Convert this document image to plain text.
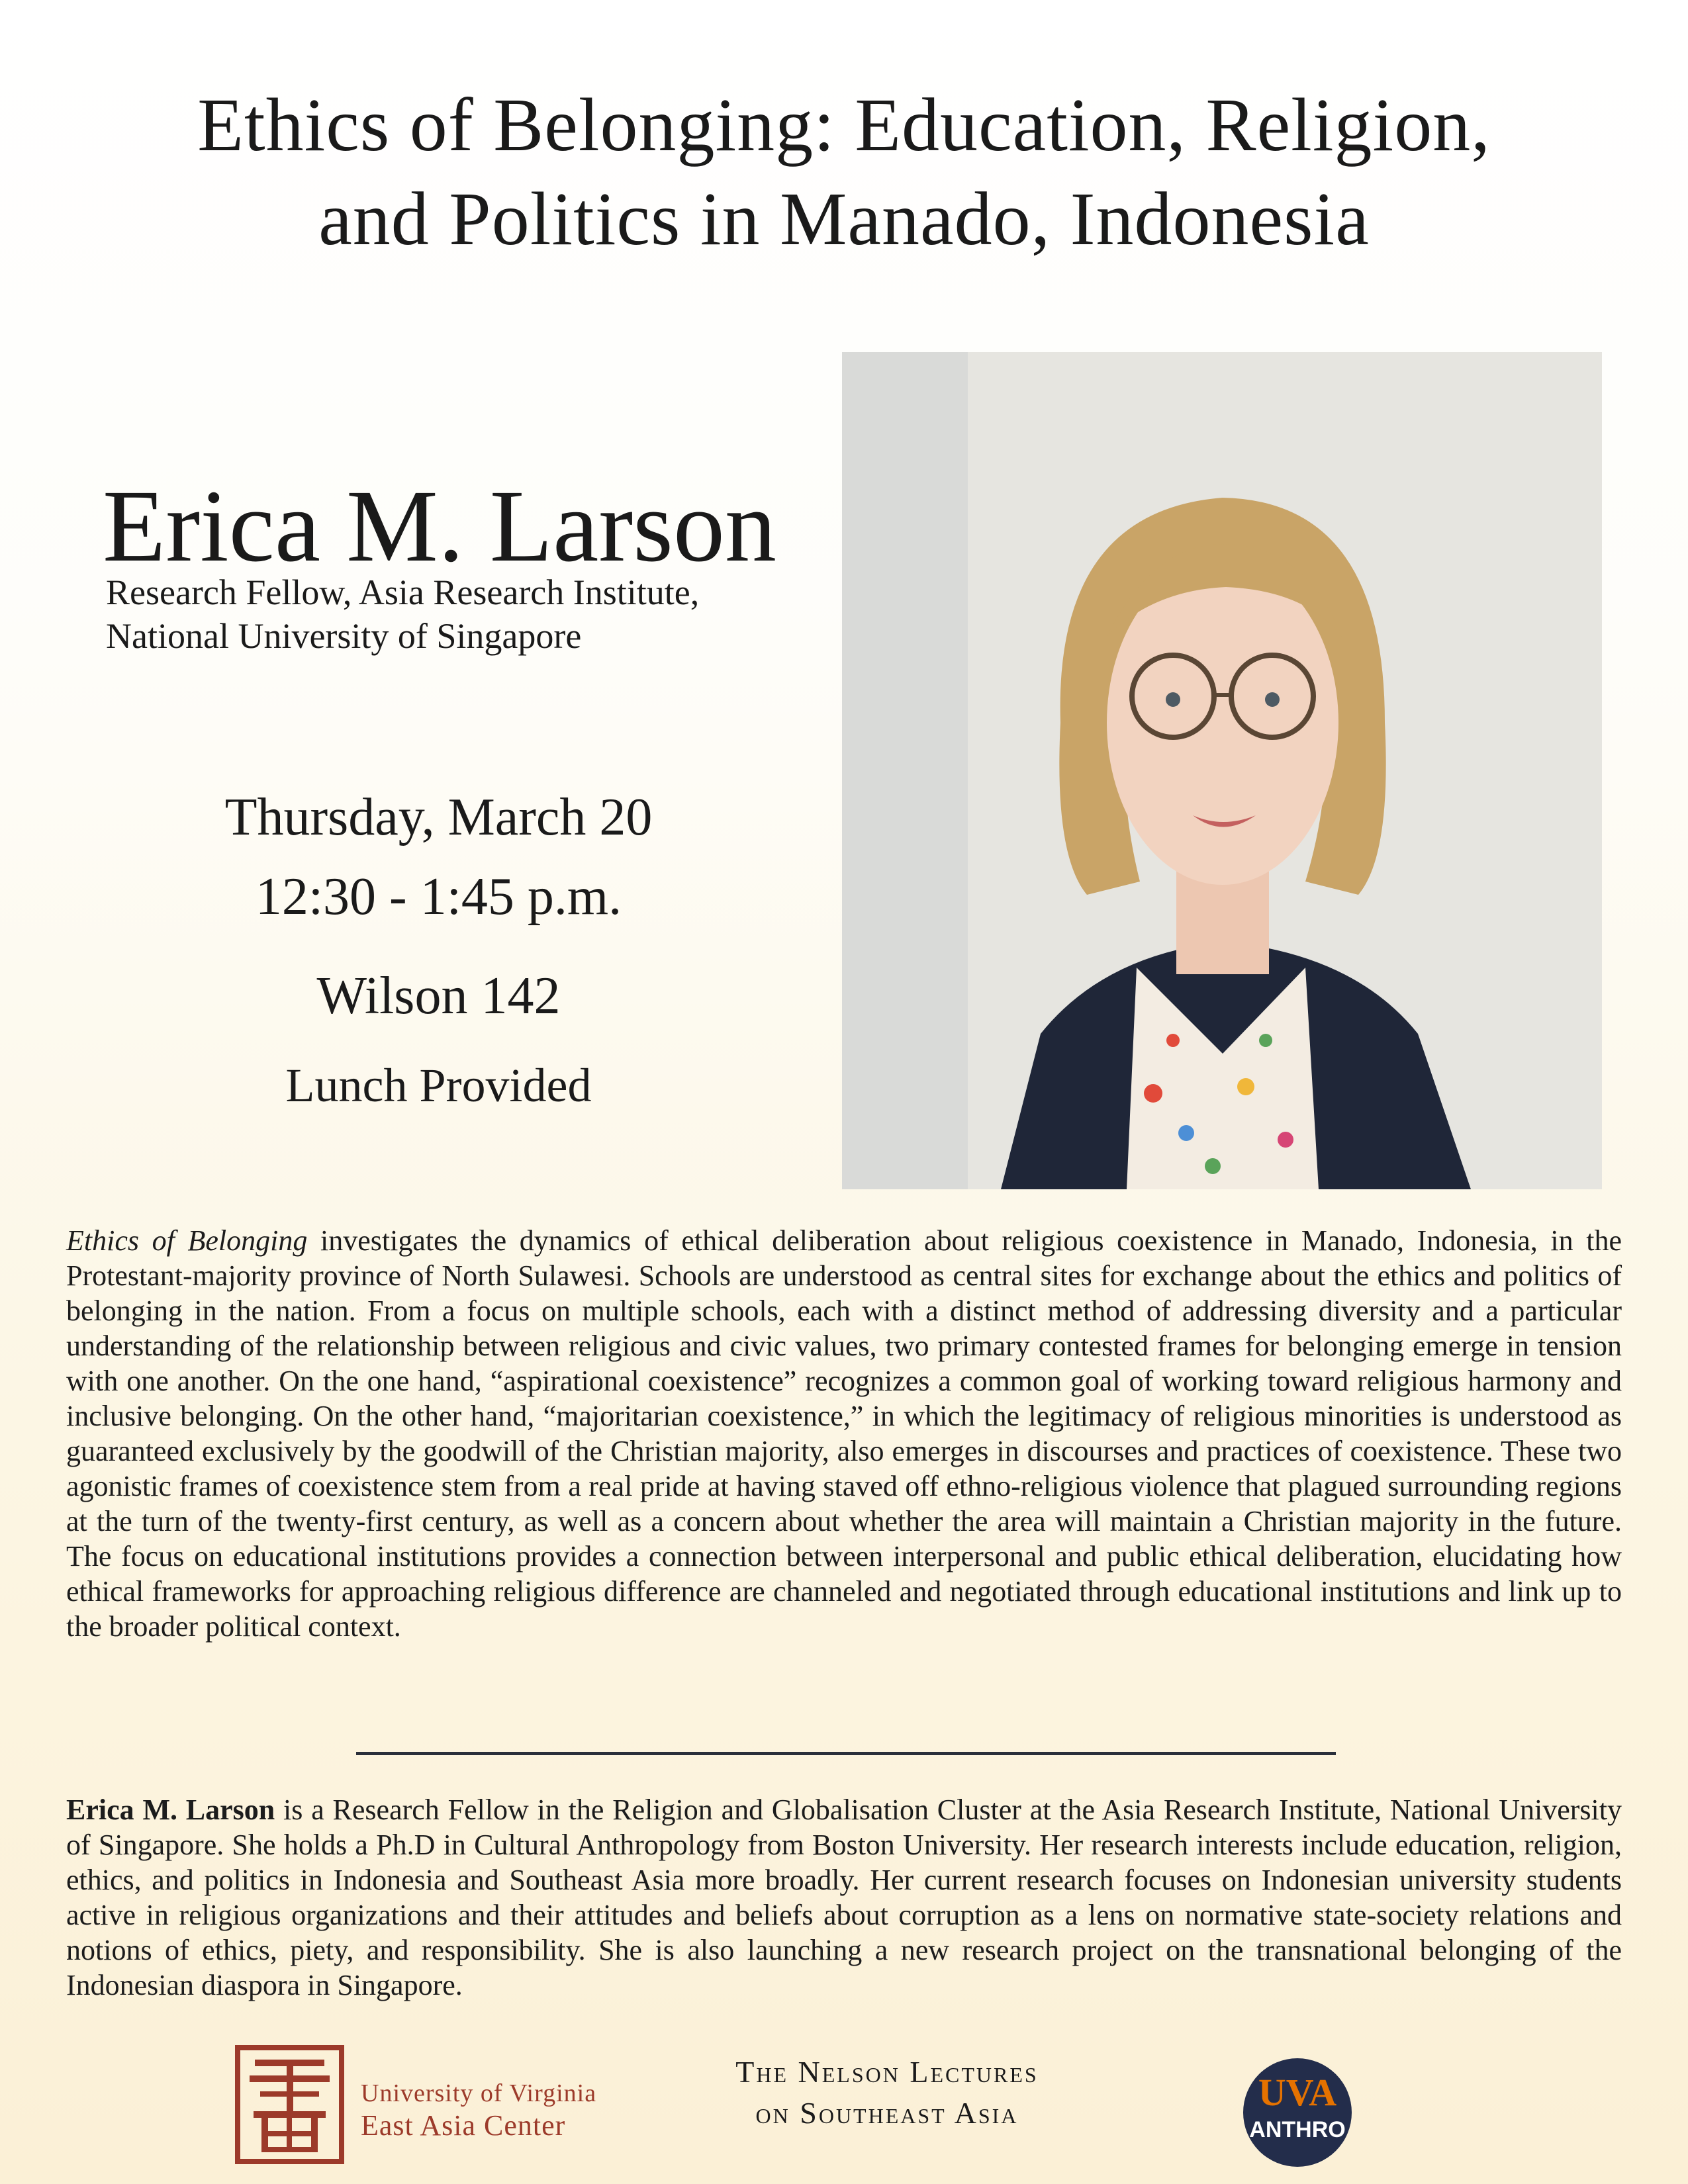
Ethics of Belonging: Education, Religion,
and Politics in Manado, Indonesia
Erica M. Larson
Research Fellow, Asia Research Institute,
National University of Singapore
Thursday, March 20
12:30 - 1:45 p.m.
Wilson 142
Lunch Provided

Ethics of Belonging investigates the dynamics of ethical deliberation about religious coexistence in Manado, Indonesia, in the Protestant-majority province of North Sulawesi. Schools are understood as central sites for exchange about the ethics and politics of belonging in the nation. From a focus on multiple schools, each with a distinct method of addressing diversity and a particular understanding of the relationship between religious and civic values, two primary contested frames for belonging emerge in tension with one another. On the one hand, “aspirational coexistence” recognizes a common goal of working toward religious harmony and inclusive belonging. On the other hand, “majoritarian coexistence,” in which the legitimacy of religious minorities is understood as guaranteed exclusively by the goodwill of the Christian majority, also emerges in discourses and practices of coexistence. These two agonistic frames of coexistence stem from a real pride at having staved off ethno-religious violence that plagued surrounding regions at the turn of the twenty-first century, as well as a concern about whether the area will maintain a Christian majority in the future. The focus on educational institutions provides a connection between interpersonal and public ethical deliberation, elucidating how ethical frameworks for approaching religious difference are channeled and negotiated through educational institutions and link up to the broader political context.

Erica M. Larson is a Research Fellow in the Religion and Globalisation Cluster at the Asia Research Institute, National University of Singapore. She holds a Ph.D in Cultural Anthropology from Boston University. Her research interests include education, religion, ethics, and politics in Indonesia and Southeast Asia more broadly. Her current research focuses on Indonesian university students active in religious organizations and their attitudes and beliefs about corruption as a lens on normative state-society relations and notions of ethics, piety, and responsibility. She is also launching a new research project on the transnational belonging of the Indonesian diaspora in Singapore.

University of Virginia
East Asia Center
The Nelson Lectures
on Southeast Asia	UVA
ANTHRO
